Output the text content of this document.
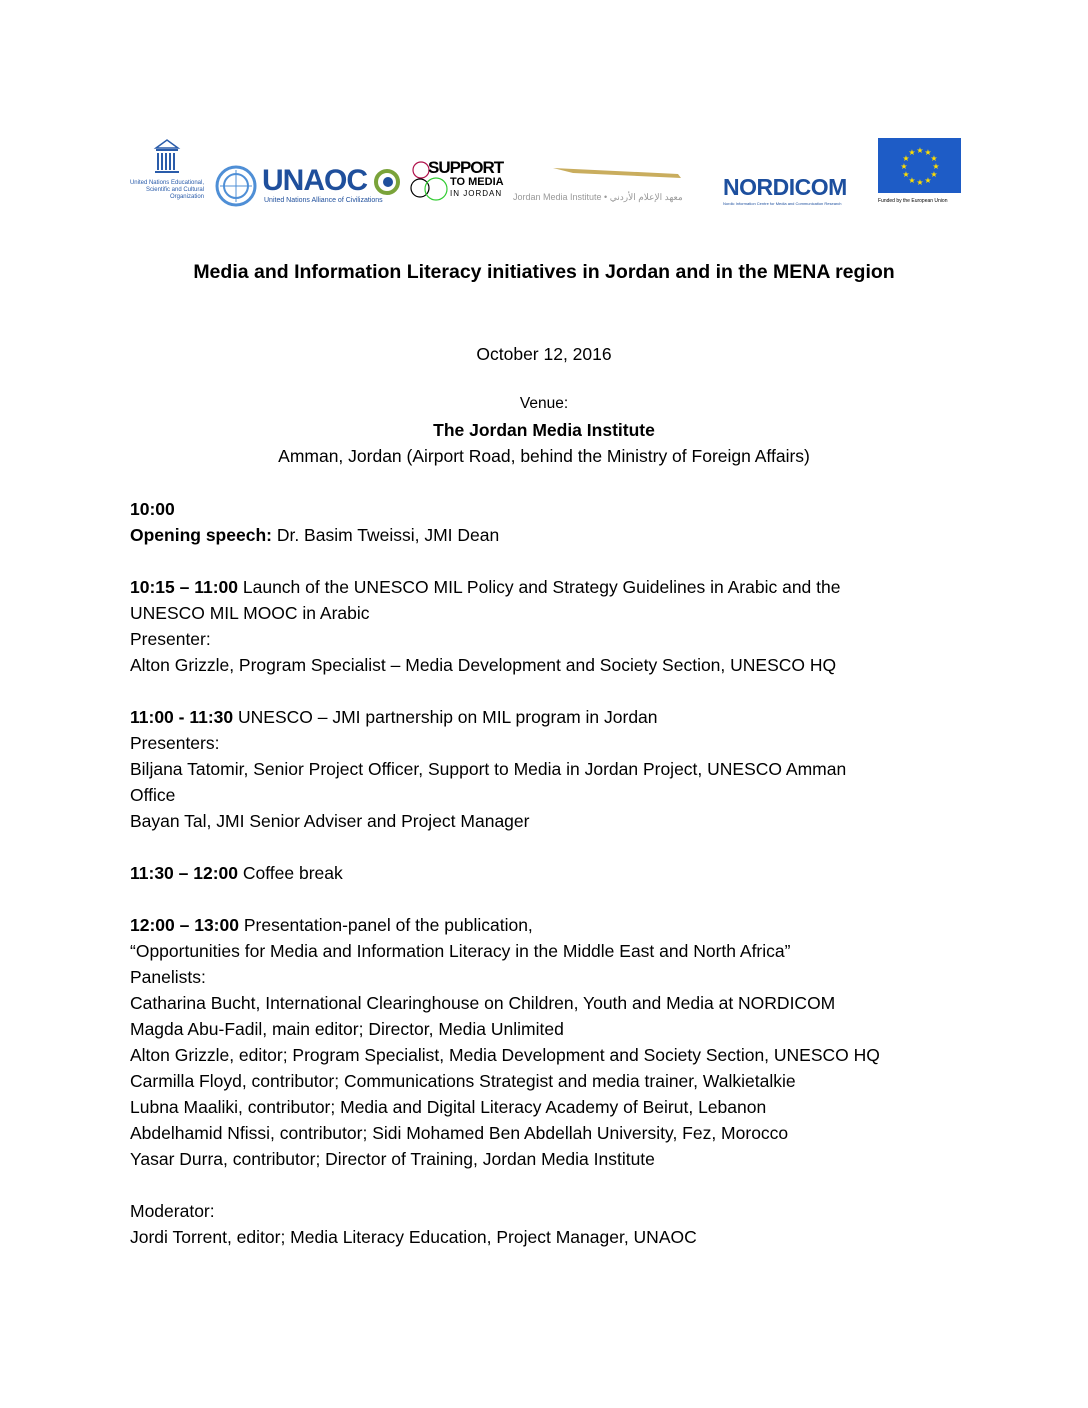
United Nations Educational, Scientific and Cultural Organization UNAOC
United Nations Alliance of Civilizations
SUPPORT
TO MEDIA
IN JORDAN Jordan Media Institute • معهد الإعلام الأردني NORDICOM
Nordic Information Centre for Media and Communication Research
★ ★
★
★
★
★
★
★
★
★
★
★
Funded by the European Union
Media and Information Literacy initiatives in Jordan and in the MENA region
October 12, 2016
Venue:
The Jordan Media Institute
Amman, Jordan (Airport Road, behind the Ministry of Foreign Affairs)
10:00
Opening speech: Dr. Basim Tweissi, JMI Dean
10:15 – 11:00 Launch of the UNESCO MIL Policy and Strategy Guidelines in Arabic and the
UNESCO MIL MOOC in Arabic
Presenter:
Alton Grizzle, Program Specialist – Media Development and Society Section, UNESCO HQ
11:00 - 11:30 UNESCO – JMI partnership on MIL program in Jordan
Presenters:
Biljana Tatomir, Senior Project Officer, Support to Media in Jordan Project, UNESCO Amman
Office
Bayan Tal, JMI Senior Adviser and Project Manager
11:30 – 12:00 Coffee break
12:00 – 13:00 Presentation-panel of the publication,
“Opportunities for Media and Information Literacy in the Middle East and North Africa”
Panelists:
Catharina Bucht, International Clearinghouse on Children, Youth and Media at NORDICOM
Magda Abu-Fadil, main editor; Director, Media Unlimited
Alton Grizzle, editor; Program Specialist, Media Development and Society Section, UNESCO HQ
Carmilla Floyd, contributor; Communications Strategist and media trainer, Walkietalkie
Lubna Maaliki, contributor; Media and Digital Literacy Academy of Beirut, Lebanon
Abdelhamid Nfissi, contributor; Sidi Mohamed Ben Abdellah University, Fez, Morocco
Yasar Durra, contributor; Director of Training, Jordan Media Institute
Moderator:
Jordi Torrent, editor; Media Literacy Education, Project Manager, UNAOC
